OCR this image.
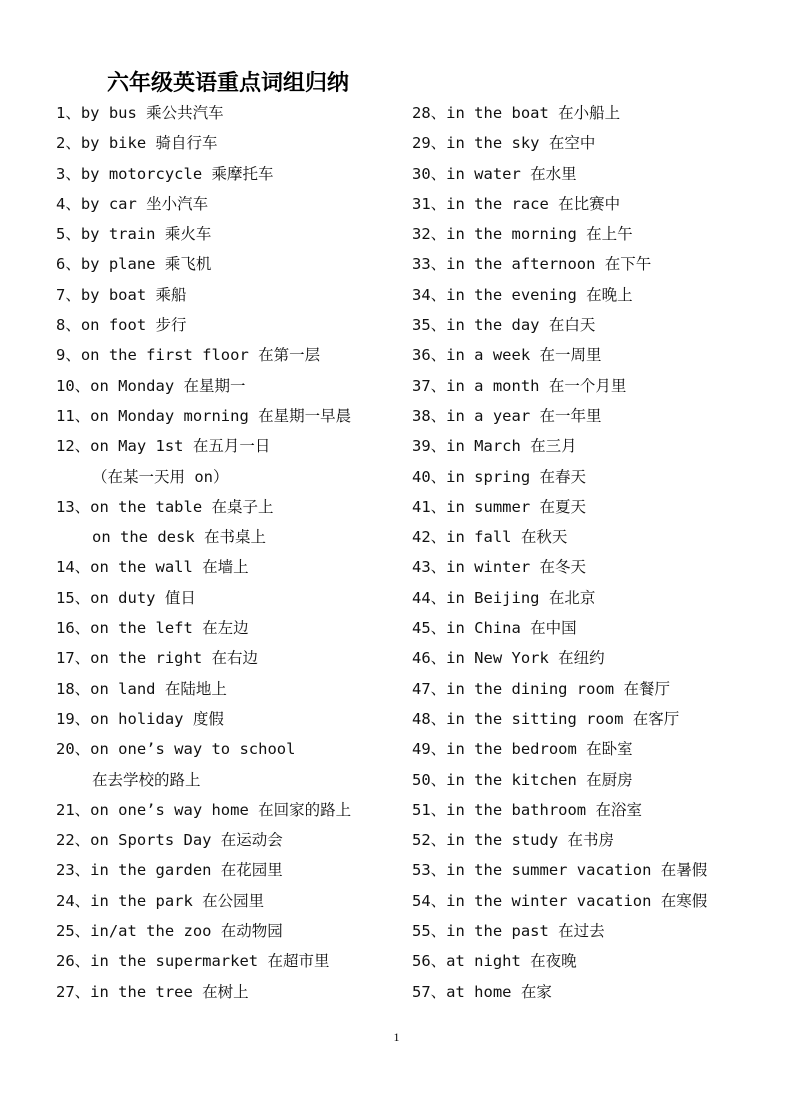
六年级英语重点词组归纳
1、by bus 乘公共汽车
2、by bike 骑自行车
3、by motorcycle 乘摩托车
4、by car 坐小汽车
5、by train 乘火车
6、by plane 乘飞机
7、by boat 乘船
8、on foot 步行
9、on the first floor 在第一层
10、on Monday 在星期一
11、on Monday morning 在星期一早晨
12、on May 1st 在五月一日
（在某一天用 on）
13、on the table 在桌子上
on the desk 在书桌上
14、on the wall 在墙上
15、on duty 值日
16、on the left 在左边
17、on the right 在右边
18、on land 在陆地上
19、on holiday 度假
20、on one’s way to school
在去学校的路上
21、on one’s way home 在回家的路上
22、on Sports Day 在运动会
23、in the garden 在花园里
24、in the park 在公园里
25、in/at the zoo 在动物园
26、in the supermarket 在超市里
27、in the tree 在树上
28、in the boat 在小船上
29、in the sky 在空中
30、in water 在水里
31、in the race 在比赛中
32、in the morning 在上午
33、in the afternoon 在下午
34、in the evening 在晚上
35、in the day 在白天
36、in a week 在一周里
37、in a month 在一个月里
38、in a year 在一年里
39、in March 在三月
40、in spring 在春天
41、in summer 在夏天
42、in fall 在秋天
43、in winter 在冬天
44、in Beijing 在北京
45、in China 在中国
46、in New York 在纽约
47、in the dining room 在餐厅
48、in the sitting room 在客厅
49、in the bedroom 在卧室
50、in the kitchen 在厨房
51、in the bathroom 在浴室
52、in the study 在书房
53、in the summer vacation 在暑假
54、in the winter vacation 在寒假
55、in the past 在过去
56、at night 在夜晚
57、at home 在家
1
